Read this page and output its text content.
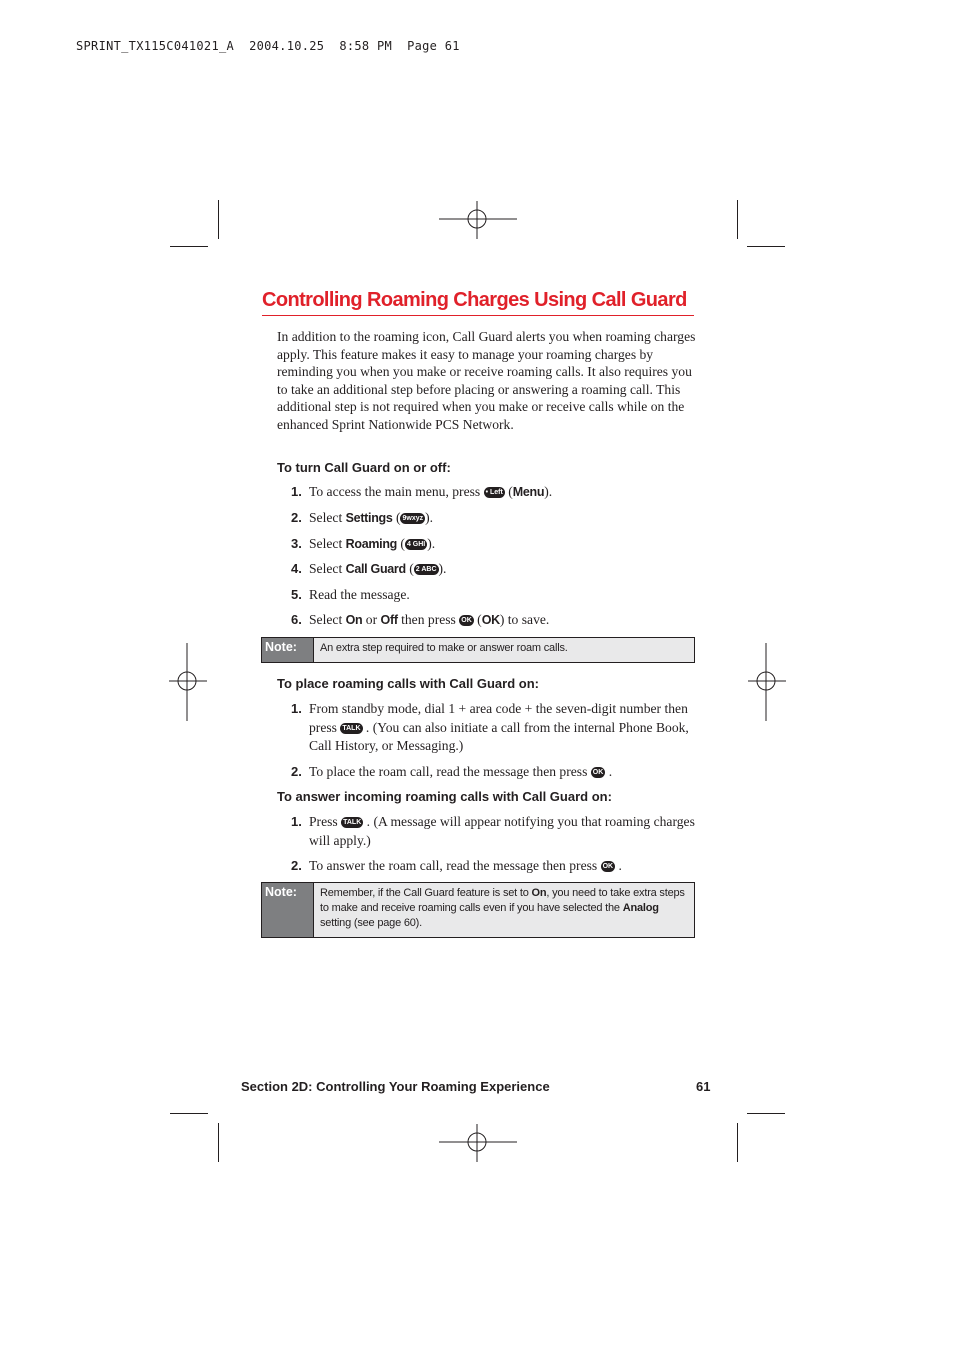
SPRINT_TX115C041021_A  2004.10.25  8:58 PM  Page 61
Controlling Roaming Charges Using Call Guard
In addition to the roaming icon, Call Guard alerts you when roaming charges apply. This feature makes it easy to manage your roaming charges by reminding you when you make or receive roaming calls. It also requires you to take an additional step before placing or answering a roaming call. This additional step is not required when you make or receive calls while on the enhanced Sprint Nationwide PCS Network.
To turn Call Guard on or off:
1. To access the main menu, press • Left (Menu).
2. Select Settings ( 9wxyz ).
3. Select Roaming ( 4 GHI ).
4. Select Call Guard ( 2 ABC ).
5. Read the message.
6. Select On or Off then press OK (OK) to save.
Note:	An extra step required to make or answer roam calls.
To place roaming calls with Call Guard on:
1. From standby mode, dial 1 + area code + the seven-digit number then press TALK . (You can also initiate a call from the internal Phone Book, Call History, or Messaging.)
2. To place the roam call, read the message then press OK .
To answer incoming roaming calls with Call Guard on:
1. Press TALK . (A message will appear notifying you that roaming charges will apply.)
2. To answer the roam call, read the message then press OK .
Note:	Remember, if the Call Guard feature is set to On, you need to take extra steps to make and receive roaming calls even if you have selected the Analog setting (see page 60).
Section 2D: Controlling Your Roaming Experience	61
